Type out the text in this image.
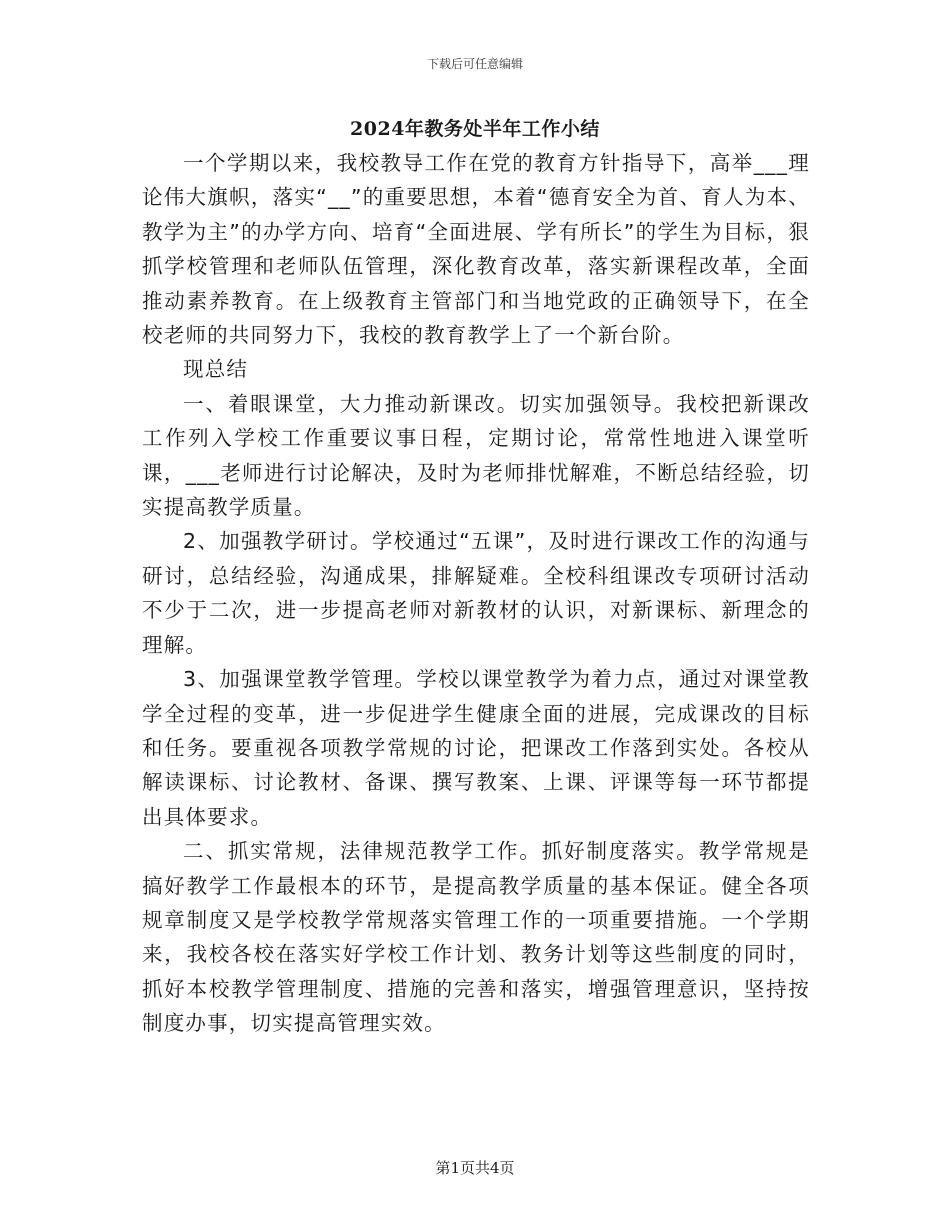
下载后可任意编辑
2024年教务处半年工作小结

一个学期以来，我校教导工作在党的教育方针指导下，高举___理论伟大旗帜，落实“__”的重要思想，本着“德育安全为首、育人为本、教学为主”的办学方向、培育“全面进展、学有所长”的学生为目标，狠抓学校管理和老师队伍管理，深化教育改革，落实新课程改革，全面推动素养教育。在上级教育主管部门和当地党政的正确领导下，在全校老师的共同努力下，我校的教育教学上了一个新台阶。

现总结

一、着眼课堂，大力推动新课改。切实加强领导。我校把新课改工作列入学校工作重要议事日程，定期讨论，常常性地进入课堂听课，___老师进行讨论解决，及时为老师排忧解难，不断总结经验，切实提高教学质量。

2、加强教学研讨。学校通过“五课”，及时进行课改工作的沟通与研讨，总结经验，沟通成果，排解疑难。全校科组课改专项研讨活动不少于二次，进一步提高老师对新教材的认识，对新课标、新理念的理解。

3、加强课堂教学管理。学校以课堂教学为着力点，通过对课堂教学全过程的变革，进一步促进学生健康全面的进展，完成课改的目标和任务。要重视各项教学常规的讨论，把课改工作落到实处。各校从解读课标、讨论教材、备课、撰写教案、上课、评课等每一环节都提出具体要求。

二、抓实常规，法律规范教学工作。抓好制度落实。教学常规是搞好教学工作最根本的环节，是提高教学质量的基本保证。健全各项规章制度又是学校教学常规落实管理工作的一项重要措施。一个学期来，我校各校在落实好学校工作计划、教务计划等这些制度的同时，抓好本校教学管理制度、措施的完善和落实，增强管理意识，坚持按制度办事，切实提高管理实效。

第1页共4页
